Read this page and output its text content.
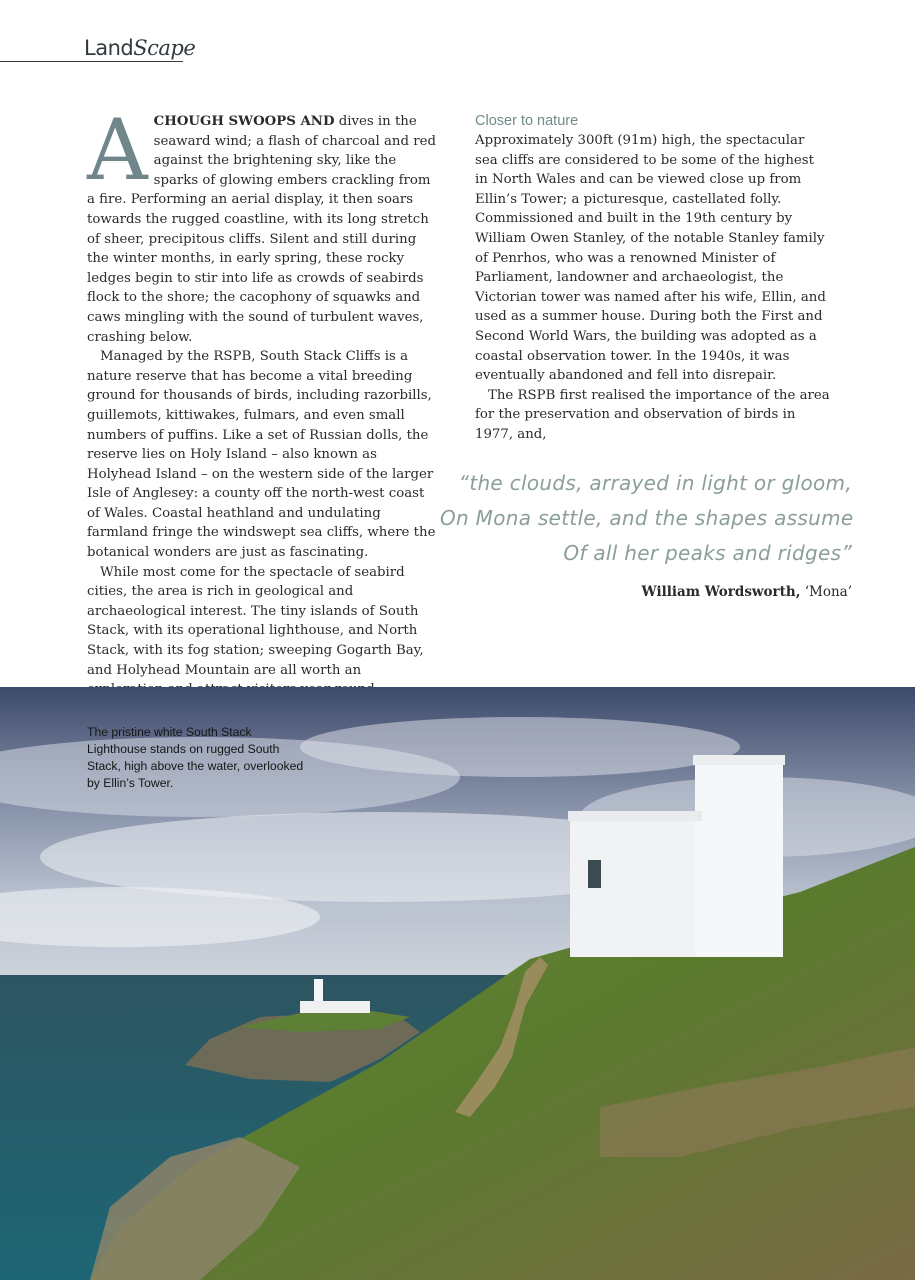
LandScape

ACHOUGH SWOOPS AND dives in the seaward wind; a flash of charcoal and red against the brightening sky, like the sparks of glowing embers crackling from a fire. Performing an aerial display, it then soars towards the rugged coastline, with its long stretch of sheer, precipitous cliffs. Silent and still during the winter months, in early spring, these rocky ledges begin to stir into life as crowds of seabirds flock to the shore; the cacophony of squawks and caws mingling with the sound of turbulent waves, crashing below.

Managed by the RSPB, South Stack Cliffs is a nature reserve that has become a vital breeding ground for thousands of birds, including razorbills, guillemots, kittiwakes, fulmars, and even small numbers of puffins. Like a set of Russian dolls, the reserve lies on Holy Island – also known as Holyhead Island – on the western side of the larger Isle of Anglesey: a county off the north-west coast of Wales. Coastal heathland and undulating farmland fringe the windswept sea cliffs, where the botanical wonders are just as fascinating.

While most come for the spectacle of seabird cities, the area is rich in geological and archaeological interest. The tiny islands of South Stack, with its operational lighthouse, and North Stack, with its fog station; sweeping Gogarth Bay, and Holyhead Mountain are all worth an

Closer to nature

Approximately 300ft (91m) high, the spectacular sea cliffs are considered to be some of the highest in North Wales and can be viewed close up from Ellin’s Tower; a picturesque, castellated folly. Commissioned and built in the 19th century by William Owen Stanley, of the notable Stanley family of Penrhos, who was a renowned Minister of Parliament, landowner and archaeologist, the Victorian tower was named after his wife, Ellin, and used as a summer house. During both the First and Second World Wars, the building was adopted as a coastal observation tower. In the 1940s, it was eventually abandoned and fell into disrepair.

The RSPB first realised the importance of the area for the preservation and observation of birds in 1977, and,

“the clouds, arrayed in light or gloom,
On Mona settle, and the shapes assume
Of all her peaks and ridges”
William Wordsworth, ‘Mona’
The pristine white South Stack Lighthouse stands on rugged South Stack, high above the water, overlooked by Ellin’s Tower.
